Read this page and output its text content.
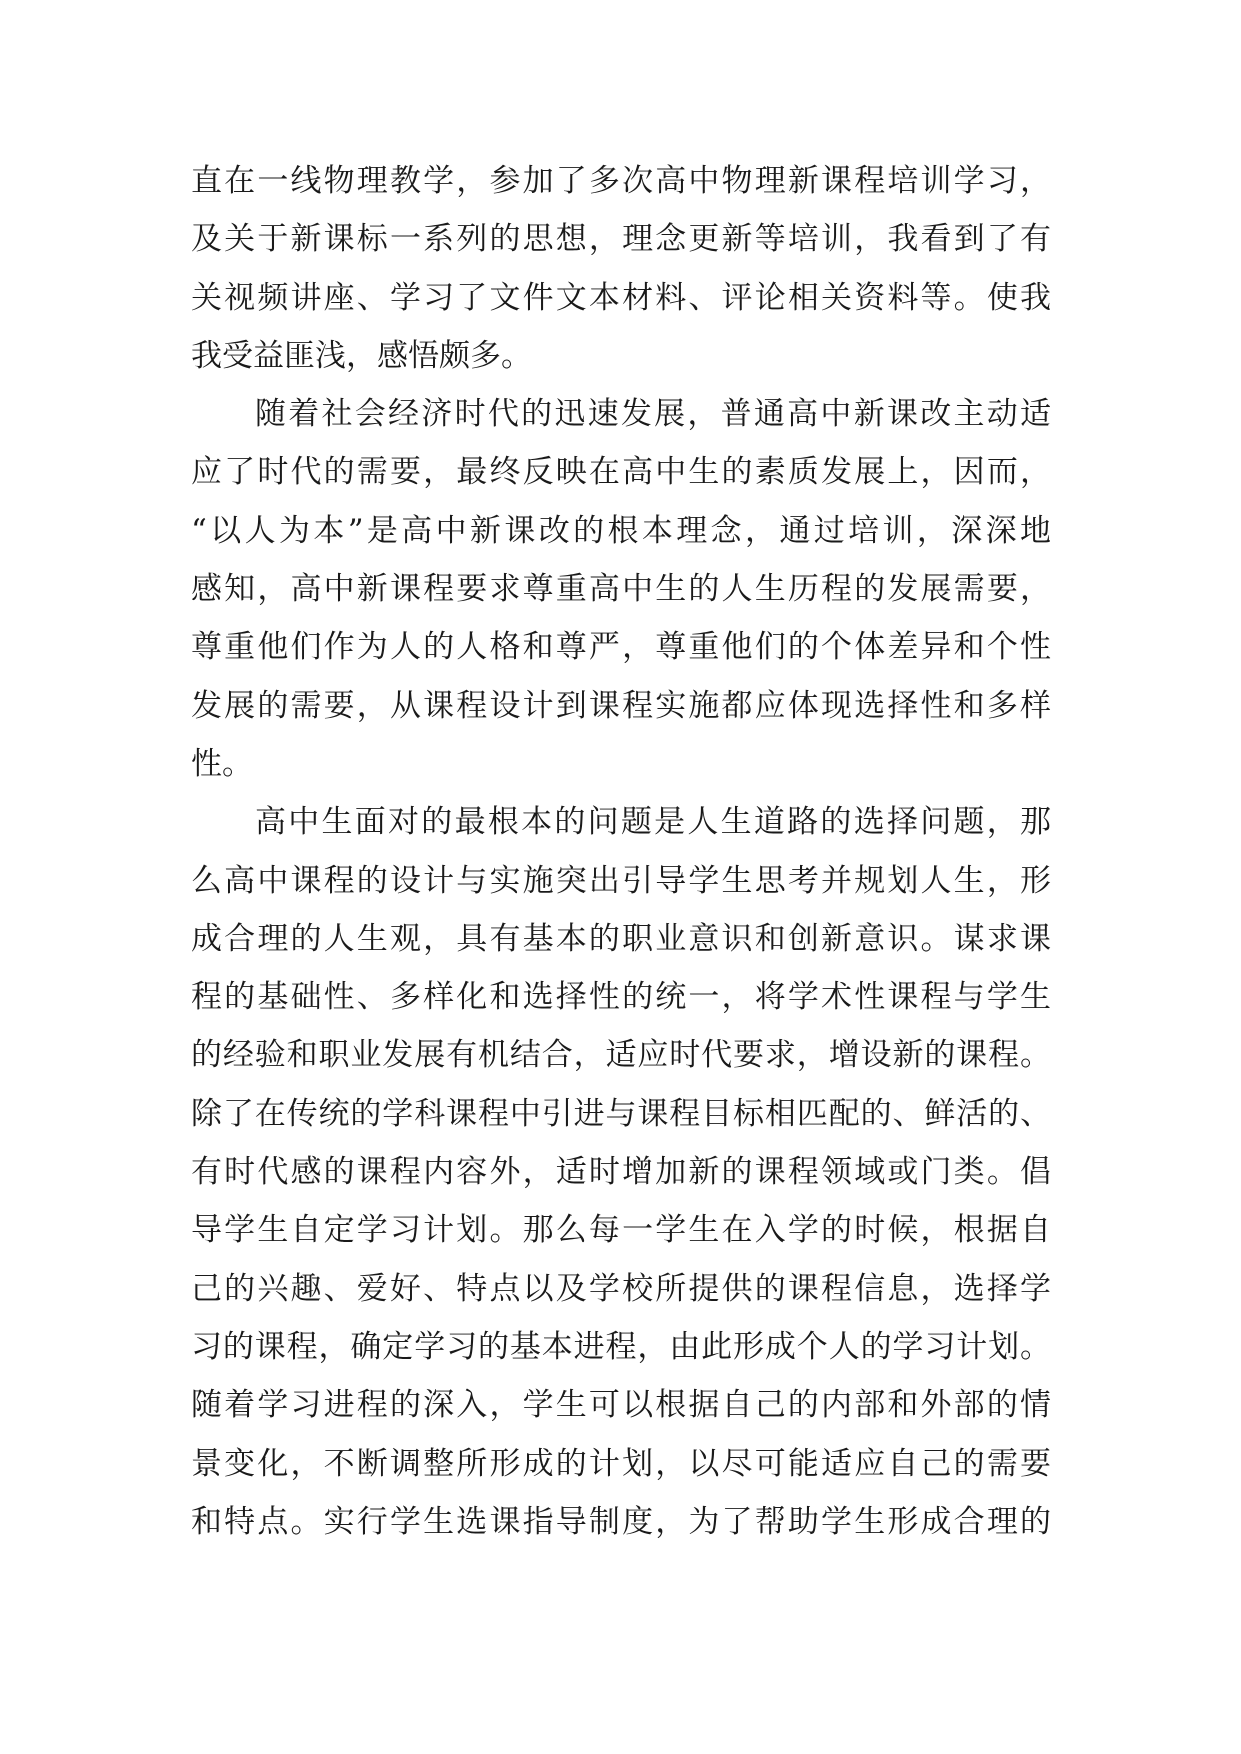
直在一线物理教学，参加了多次高中物理新课程培训学习，
及关于新课标一系列的思想，理念更新等培训，我看到了有
关视频讲座、学习了文件文本材料、评论相关资料等。使我
我受益匪浅，感悟颇多。
随着社会经济时代的迅速发展，普通高中新课改主动适
应了时代的需要，最终反映在高中生的素质发展上，因而，
“以人为本”是高中新课改的根本理念，通过培训，深深地
感知，高中新课程要求尊重高中生的人生历程的发展需要，
尊重他们作为人的人格和尊严，尊重他们的个体差异和个性
发展的需要，从课程设计到课程实施都应体现选择性和多样
性。
高中生面对的最根本的问题是人生道路的选择问题，那
么高中课程的设计与实施突出引导学生思考并规划人生，形
成合理的人生观，具有基本的职业意识和创新意识。谋求课
程的基础性、多样化和选择性的统一，将学术性课程与学生
的经验和职业发展有机结合，适应时代要求，增设新的课程。
除了在传统的学科课程中引进与课程目标相匹配的、鲜活的、
有时代感的课程内容外，适时增加新的课程领域或门类。倡
导学生自定学习计划。那么每一学生在入学的时候，根据自
己的兴趣、爱好、特点以及学校所提供的课程信息，选择学
习的课程，确定学习的基本进程，由此形成个人的学习计划。
随着学习进程的深入，学生可以根据自己的内部和外部的情
景变化，不断调整所形成的计划，以尽可能适应自己的需要
和特点。实行学生选课指导制度，为了帮助学生形成合理的
